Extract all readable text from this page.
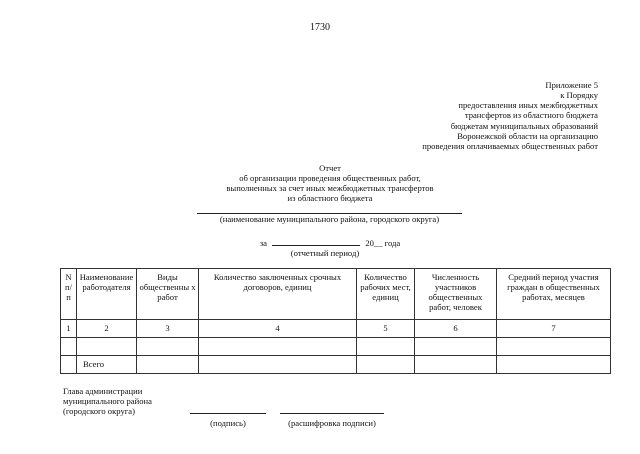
1730
Приложение 5
к Порядку
предоставления иных межбюджетных
трансфертов из областного бюджета
бюджетам муниципальных образований
Воронежской области на организацию
проведения оплачиваемых общественных работ
Отчет
об организации проведения общественных работ,
выполненных за счет иных межбюджетных трансфертов
из областного бюджета
(наименование муниципального района, городского округа)
за	20__ года
(отчетный период)
N п/п	Наименование работодателя	Виды общественны х работ	Количество заключенных срочных договоров, единиц	Количество рабочих мест, единиц	Численность участников общественных работ, человек	Средний период участия граждан в общественных работах, месяцев
1	2	3	4	5	6	7

	Всего					
Глава администрации
муниципального района
(городского округа)
(подпись)	(расшифровка подписи)
